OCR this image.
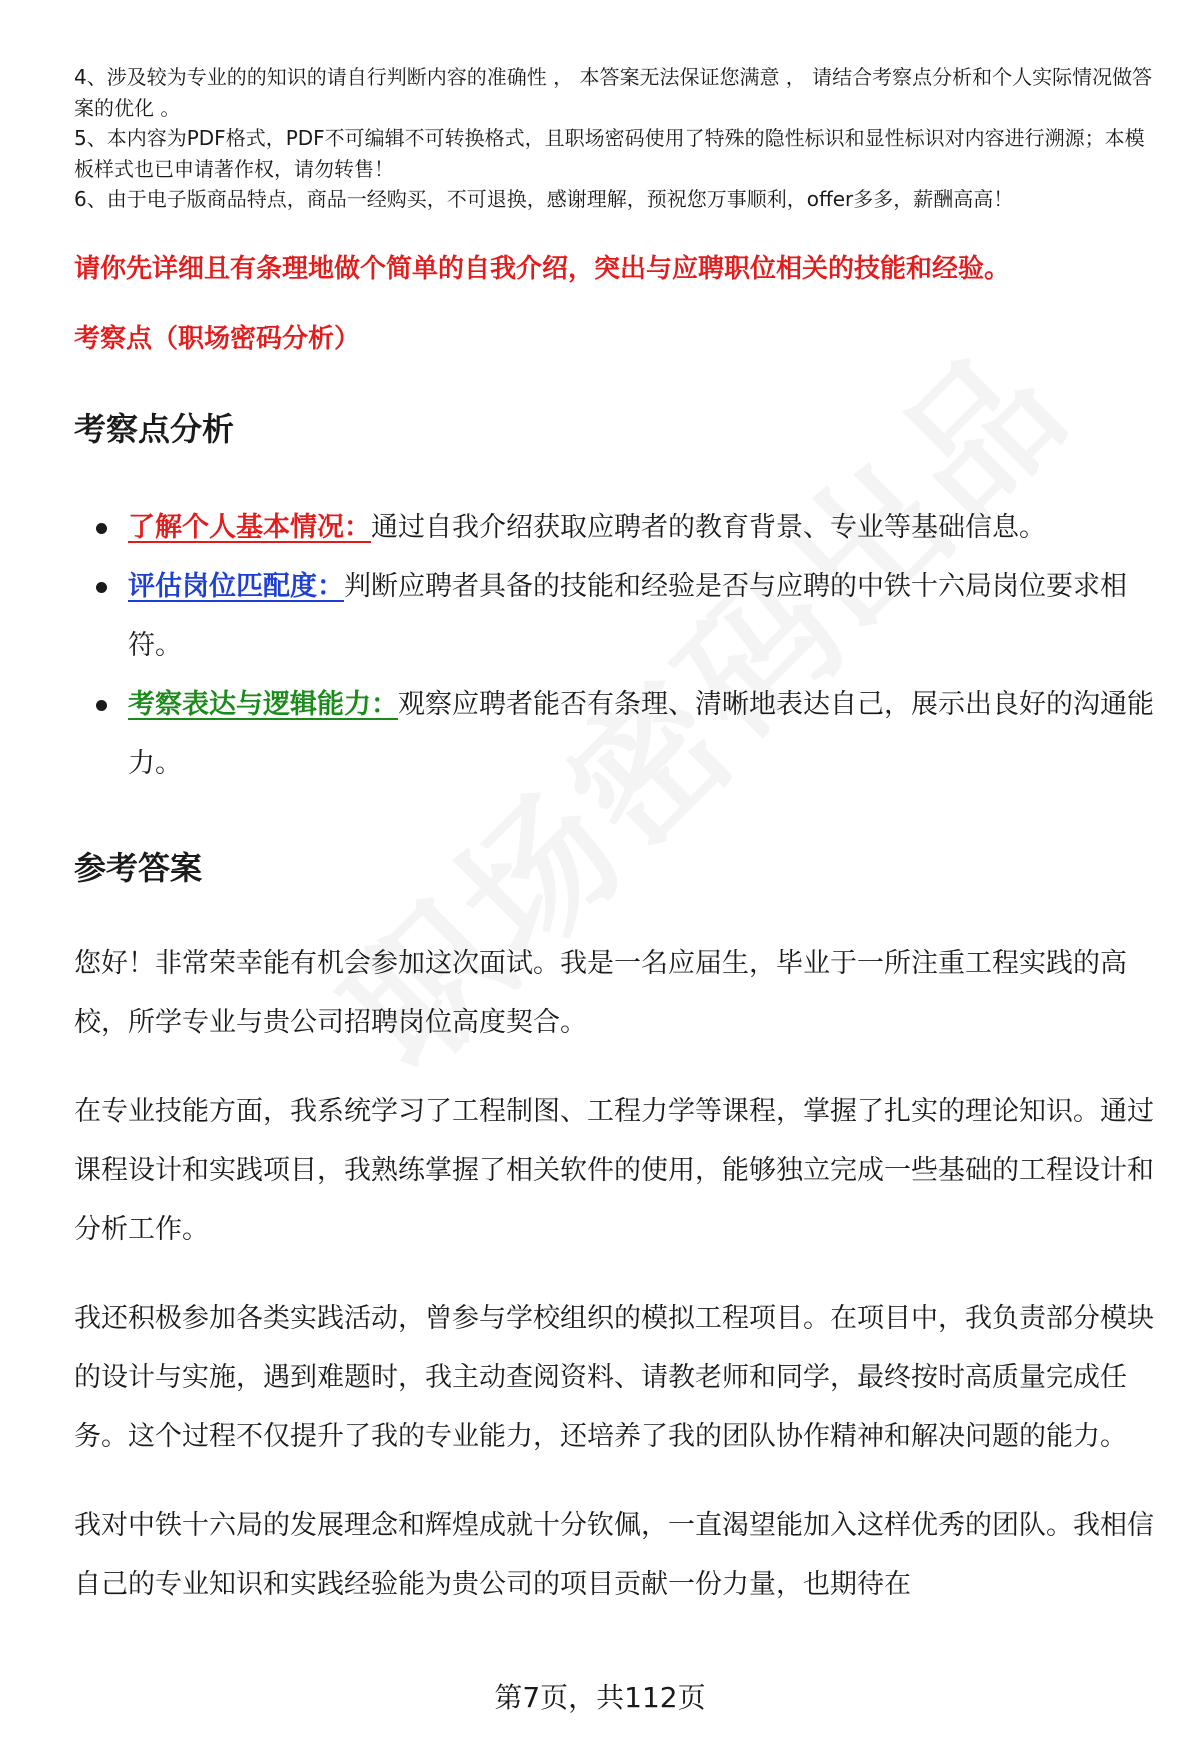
4、涉及较为专业的的知识的请自行判断内容的准确性 ， 本答案无法保证您满意 ， 请结合考察点分析和个人实际情况做答案的优化 。

5、本内容为PDF格式，PDF不可编辑不可转换格式，且职场密码使用了特殊的隐性标识和显性标识对内容进行溯源；本模板样式也已申请著作权，请勿转售！

6、由于电子版商品特点，商品一经购买，不可退换，感谢理解，预祝您万事顺利，offer多多，薪酬高高！

请你先详细且有条理地做个简单的自我介绍，突出与应聘职位相关的技能和经验。
考察点（职场密码分析）
考察点分析
了解个人基本情况：通过自我介绍获取应聘者的教育背景、专业等基础信息。
评估岗位匹配度：判断应聘者具备的技能和经验是否与应聘的中铁十六局岗位要求相符。
考察表达与逻辑能力：观察应聘者能否有条理、清晰地表达自己，展示出良好的沟通能力。
参考答案

您好！非常荣幸能有机会参加这次面试。我是一名应届生，毕业于一所注重工程实践的高校，所学专业与贵公司招聘岗位高度契合。

在专业技能方面，我系统学习了工程制图、工程力学等课程，掌握了扎实的理论知识。通过课程设计和实践项目，我熟练掌握了相关软件的使用，能够独立完成一些基础的工程设计和分析工作。

我还积极参加各类实践活动，曾参与学校组织的模拟工程项目。在项目中，我负责部分模块的设计与实施，遇到难题时，我主动查阅资料、请教老师和同学，最终按时高质量完成任务。这个过程不仅提升了我的专业能力，还培养了我的团队协作精神和解决问题的能力。

我对中铁十六局的发展理念和辉煌成就十分钦佩，一直渴望能加入这样优秀的团队。我相信自己的专业知识和实践经验能为贵公司的项目贡献一份力量，也期待在

第7页，共112页
